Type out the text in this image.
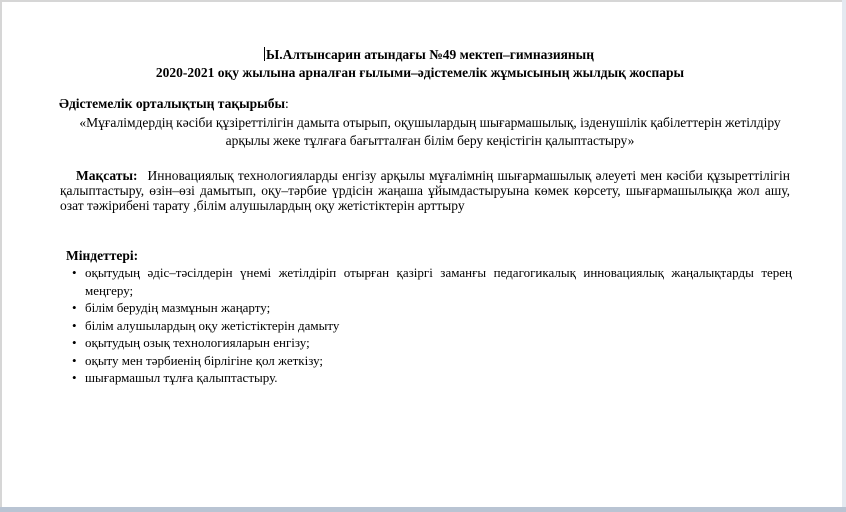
Ы.Алтынсарин атындағы №49 мектеп–гимназияның
2020-2021 оқу жылына арналған ғылыми–әдістемелік жұмысының жылдық жоспары
Әдістемелік орталықтың тақырыбы:
«Мұғалімдердің кәсіби құзіреттілігін дамыта отырып, оқушылардың шығармашылық, ізденушілік қабілеттерін жетілдіру арқылы жеке тұлғаға бағытталған білім беру кеңістігін қалыптастыру»
Мақсаты: Инновациялық технологияларды енгізу арқылы мұғалімнің шығармашылық әлеуеті мен кәсіби құзыреттілігін қалыптастыру, өзін–өзі дамытып, оқу–тәрбие үрдісін жаңаша ұйымдастыруына көмек көрсету, шығармашылыққа жол ашу, озат тәжірибені тарату ,білім алушылардың оқу жетістіктерін арттыру
Міндеттері:
• оқытудың әдіс–тәсілдерін үнемі жетілдіріп отырған қазіргі заманғы педагогикалық инновациялық жаңалықтарды терең меңгеру;
• білім берудің мазмұнын жаңарту;
• білім алушылардың оқу жетістіктерін дамыту
• оқытудың озық технологияларын енгізу;
• оқыту мен тәрбиенің бірлігіне қол жеткізу;
• шығармашыл тұлға қалыптастыру.
